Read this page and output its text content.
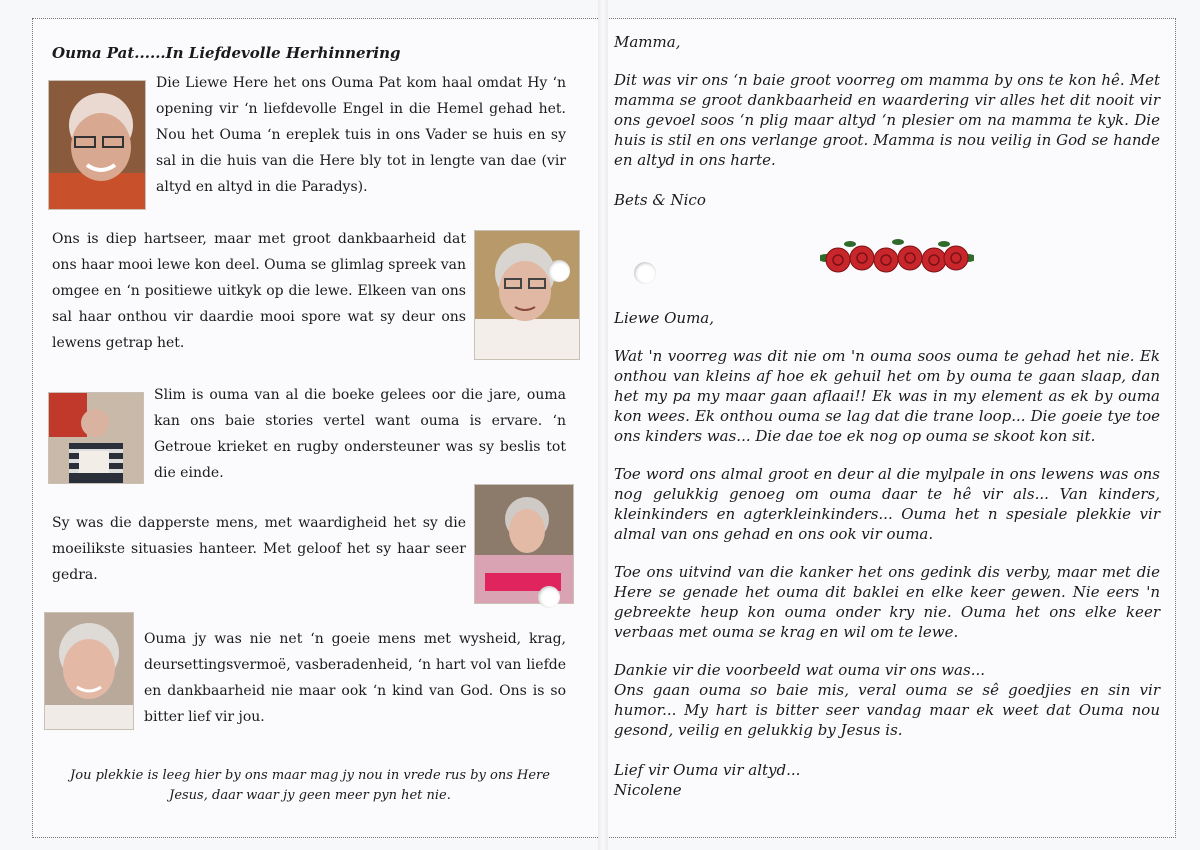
Ouma Pat......In Liefdevolle Herhinnering

Die Liewe Here het ons Ouma Pat kom haal omdat Hy ‘n opening vir ‘n liefdevolle Engel in die Hemel gehad het. Nou het Ouma ‘n ereplek tuis in ons Vader se huis en sy sal in die huis van die Here bly tot in lengte van dae (vir altyd en altyd in die Paradys).

Ons is diep hartseer, maar met groot dankbaarheid dat ons haar mooi lewe kon deel. Ouma se glimlag spreek van omgee en ‘n positiewe uitkyk op die lewe. Elkeen van ons sal haar onthou vir daardie mooi spore wat sy deur ons lewens getrap het.

Slim is ouma van al die boeke gelees oor die jare, ouma kan ons baie stories vertel want ouma is ervare. ‘n Getroue krieket en rugby ondersteuner was sy beslis tot die einde.

Sy was die dapperste mens, met waardigheid het sy die moeilikste situasies hanteer. Met geloof het sy haar seer gedra.

Ouma jy was nie net ‘n goeie mens met wysheid, krag, deursettingsvermoë, vasberadenheid, ‘n hart vol van liefde en dankbaarheid nie maar ook ‘n kind van God. Ons is so bitter lief vir jou.

Jou plekkie is leeg hier by ons maar mag jy nou in vrede rus by ons Here Jesus, daar waar jy geen meer pyn het nie.

Mamma,

Dit was vir ons ‘n baie groot voorreg om mamma by ons te kon hê. Met mamma se groot dankbaarheid en waardering vir alles het dit nooit vir ons gevoel soos ‘n plig maar altyd ‘n plesier om na mamma te kyk. Die huis is stil en ons verlange groot. Mamma is nou veilig in God se hande en altyd in ons harte.

Bets & Nico

Liewe Ouma,

Wat 'n voorreg was dit nie om 'n ouma soos ouma te gehad het nie. Ek onthou van kleins af hoe ek gehuil het om by ouma te gaan slaap, dan het my pa my maar gaan aflaai!! Ek was in my element as ek by ouma kon wees. Ek onthou ouma se lag dat die trane loop... Die goeie tye toe ons kinders was... Die dae toe ek nog op ouma se skoot kon sit.

Toe word ons almal groot en deur al die mylpale in ons lewens was ons nog gelukkig genoeg om ouma daar te hê vir als... Van kinders, kleinkinders en agterkleinkinders... Ouma het n spesiale plekkie vir almal van ons gehad en ons ook vir ouma.

Toe ons uitvind van die kanker het ons gedink dis verby, maar met die Here se genade het ouma dit baklei en elke keer gewen. Nie eers 'n gebreekte heup kon ouma onder kry nie. Ouma het ons elke keer verbaas met ouma se krag en wil om te lewe.

Dankie vir die voorbeeld wat ouma vir ons was...
Ons gaan ouma so baie mis, veral ouma se sê goedjies en sin vir humor... My hart is bitter seer vandag maar ek weet dat Ouma nou gesond, veilig en gelukkig by Jesus is.

Lief vir Ouma vir altyd...

Nicolene
